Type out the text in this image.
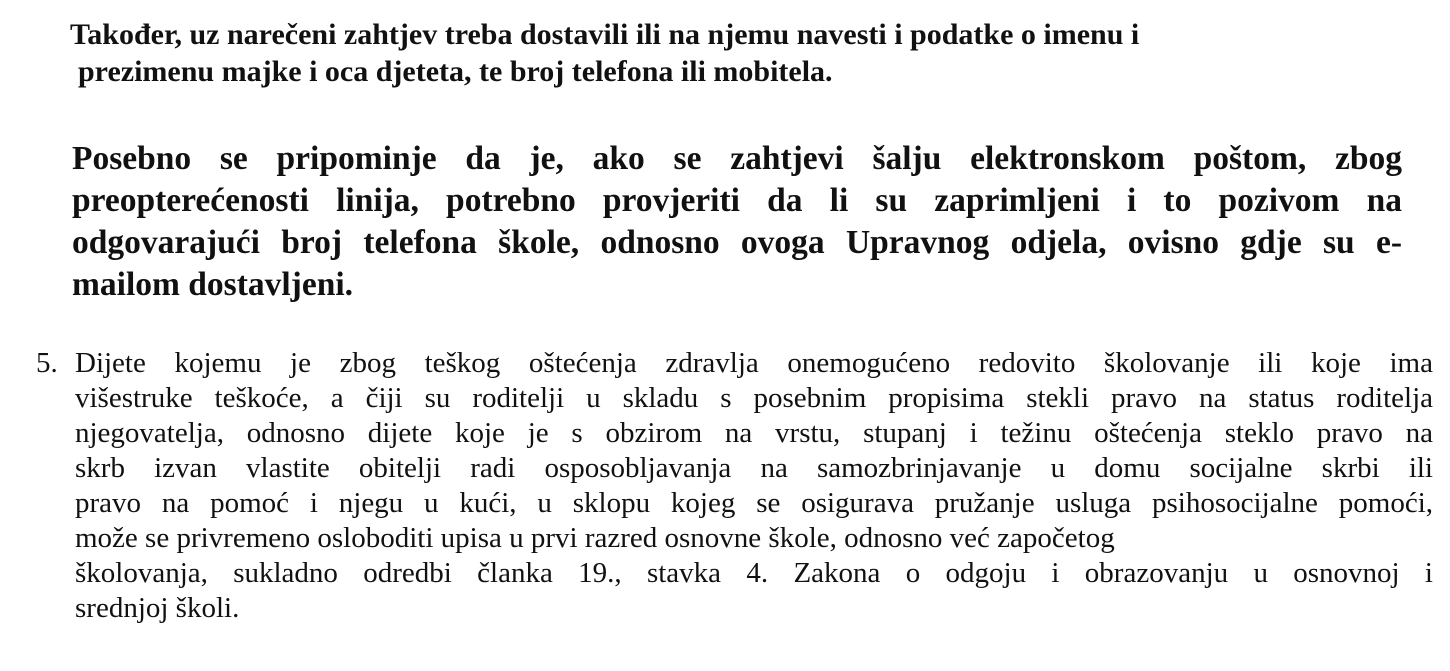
Također, uz narečeni zahtjev treba dostavili ili na njemu navesti i podatke o imenu i
prezimenu majke i oca djeteta, te broj telefona ili mobitela.
Posebno se pripominje da je, ako se zahtjevi šalju elektronskom poštom, zbog
preopterećenosti linija, potrebno provjeriti da li su zaprimljeni i to pozivom na
odgovarajući broj telefona škole, odnosno ovoga Upravnog odjela, ovisno gdje su e-
mailom dostavljeni.
5. Dijete kojemu je zbog teškog oštećenja zdravlja onemogućeno redovito školovanje ili koje ima
višestruke teškoće, a čiji su roditelji u skladu s posebnim propisima stekli pravo na status roditelja
njegovatelja, odnosno dijete koje je s obzirom na vrstu, stupanj i težinu oštećenja steklo pravo na
skrb izvan vlastite obitelji radi osposobljavanja na samozbrinjavanje u domu socijalne skrbi ili
pravo na pomoć i njegu u kući, u sklopu kojeg se osigurava pružanje usluga psihosocijalne pomoći,
može se privremeno osloboditi upisa u prvi razred osnovne škole, odnosno već započetog
školovanja, sukladno odredbi članka 19., stavka 4. Zakona o odgoju i obrazovanju u osnovnoj i
srednjoj školi.
